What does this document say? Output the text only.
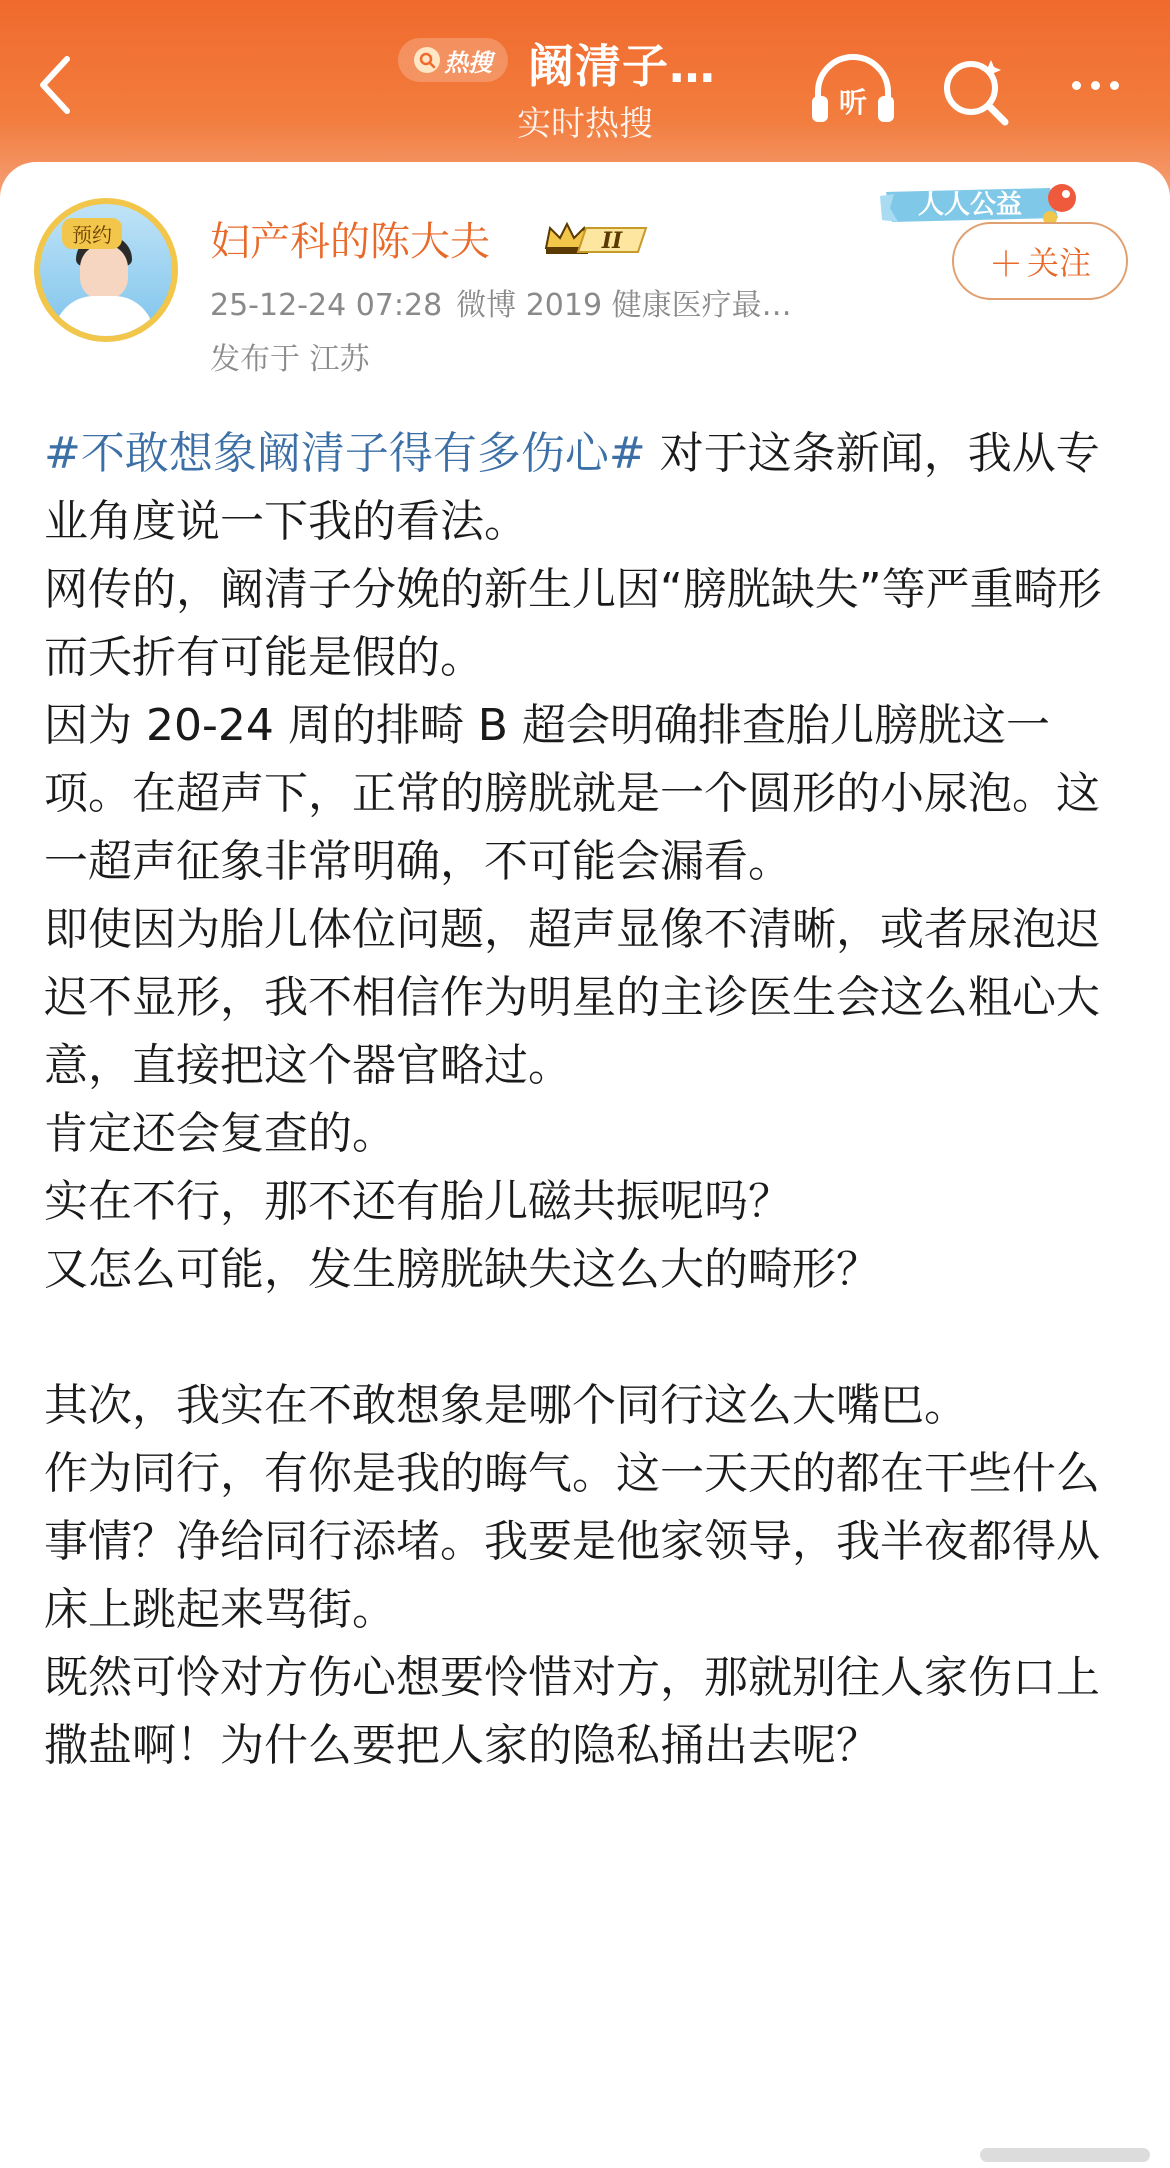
热搜 阚清子…
实时热搜
听
预约 妇产科的陈大夫	II
25-12-24 07:28 微博 2019 健康医疗最…
发布于 江苏
人人公益
＋ 关注

#不敢想象阚清子得有多伤心# 对于这条新闻，我从专业角度说一下我的看法。

网传的，阚清子分娩的新生儿因“膀胱缺失”等严重畸形而夭折有可能是假的。

因为 20-24 周的排畸 B 超会明确排查胎儿膀胱这一项。在超声下，正常的膀胱就是一个圆形的小尿泡。这一超声征象非常明确，不可能会漏看。

即使因为胎儿体位问题，超声显像不清晰，或者尿泡迟迟不显形，我不相信作为明星的主诊医生会这么粗心大意，直接把这个器官略过。

肯定还会复查的。

实在不行，那不还有胎儿磁共振呢吗？

又怎么可能，发生膀胱缺失这么大的畸形？

其次，我实在不敢想象是哪个同行这么大嘴巴。

作为同行，有你是我的晦气。这一天天的都在干些什么事情？净给同行添堵。我要是他家领导，我半夜都得从床上跳起来骂街。

既然可怜对方伤心想要怜惜对方，那就别往人家伤口上撒盐啊！为什么要把人家的隐私捅出去呢？
